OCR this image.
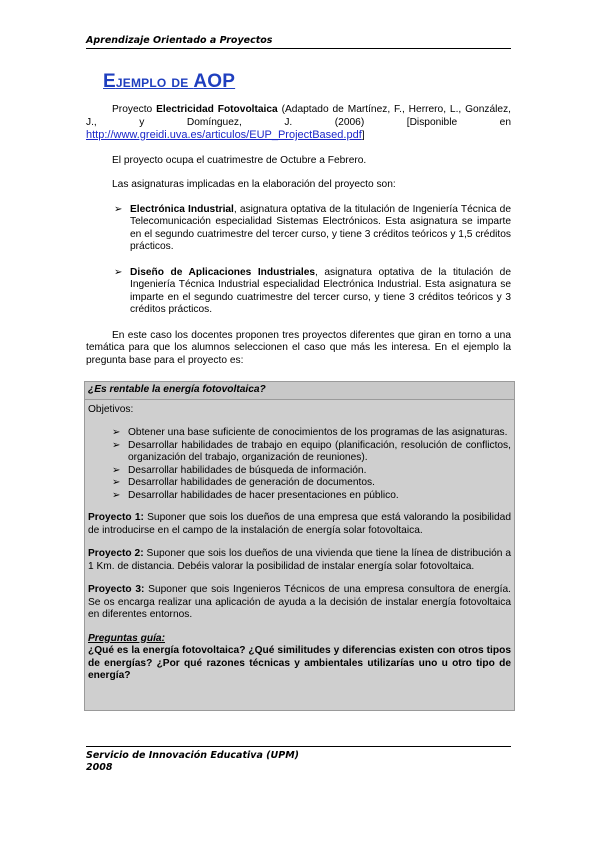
Aprendizaje Orientado a Proyectos
Ejemplo de AOP

Proyecto Electricidad Fotovoltaica (Adaptado de Martínez, F., Herrero, L., González, J., y Domínguez, J. (2006) [Disponible en http://www.greidi.uva.es/articulos/EUP_ProjectBased.pdf]

El proyecto ocupa el cuatrimestre de Octubre a Febrero.

Las asignaturas implicadas en la elaboración del proyecto son:

➢ Electrónica Industrial, asignatura optativa de la titulación de Ingeniería Técnica de Telecomunicación especialidad Sistemas Electrónicos. Esta asignatura se imparte en el segundo cuatrimestre del tercer curso, y tiene 3 créditos teóricos y 1,5 créditos prácticos.
➢ Diseño de Aplicaciones Industriales, asignatura optativa de la titulación de Ingeniería Técnica Industrial especialidad Electrónica Industrial. Esta asignatura se imparte en el segundo cuatrimestre del tercer curso, y tiene 3 créditos teóricos y 3 créditos prácticos.

En este caso los docentes proponen tres proyectos diferentes que giran en torno a una temática para que los alumnos seleccionen el caso que más les interesa. En el ejemplo la pregunta base para el proyecto es:

¿Es rentable la energía fotovoltaica?

Objetivos:

➢ Obtener una base suficiente de conocimientos de los programas de las asignaturas.
➢ Desarrollar habilidades de trabajo en equipo (planificación, resolución de conflictos, organización del trabajo, organización de reuniones).
➢ Desarrollar habilidades de búsqueda de información.
➢ Desarrollar habilidades de generación de documentos.
➢ Desarrollar habilidades de hacer presentaciones en público.

Proyecto 1: Suponer que sois los dueños de una empresa que está valorando la posibilidad de introducirse en el campo de la instalación de energía solar fotovoltaica.

Proyecto 2: Suponer que sois los dueños de una vivienda que tiene la línea de distribución a 1 Km. de distancia. Debéis valorar la posibilidad de instalar energía solar fotovoltaica.

Proyecto 3: Suponer que sois Ingenieros Técnicos de una empresa consultora de energía. Se os encarga realizar una aplicación de ayuda a la decisión de instalar energía fotovoltaica en diferentes entornos.

Preguntas guía:
¿Qué es la energía fotovoltaica? ¿Qué similitudes y diferencias existen con otros tipos de energías? ¿Por qué razones técnicas y ambientales utilizarías uno u otro tipo de energía?
Servicio de Innovación Educativa (UPM)
2008
